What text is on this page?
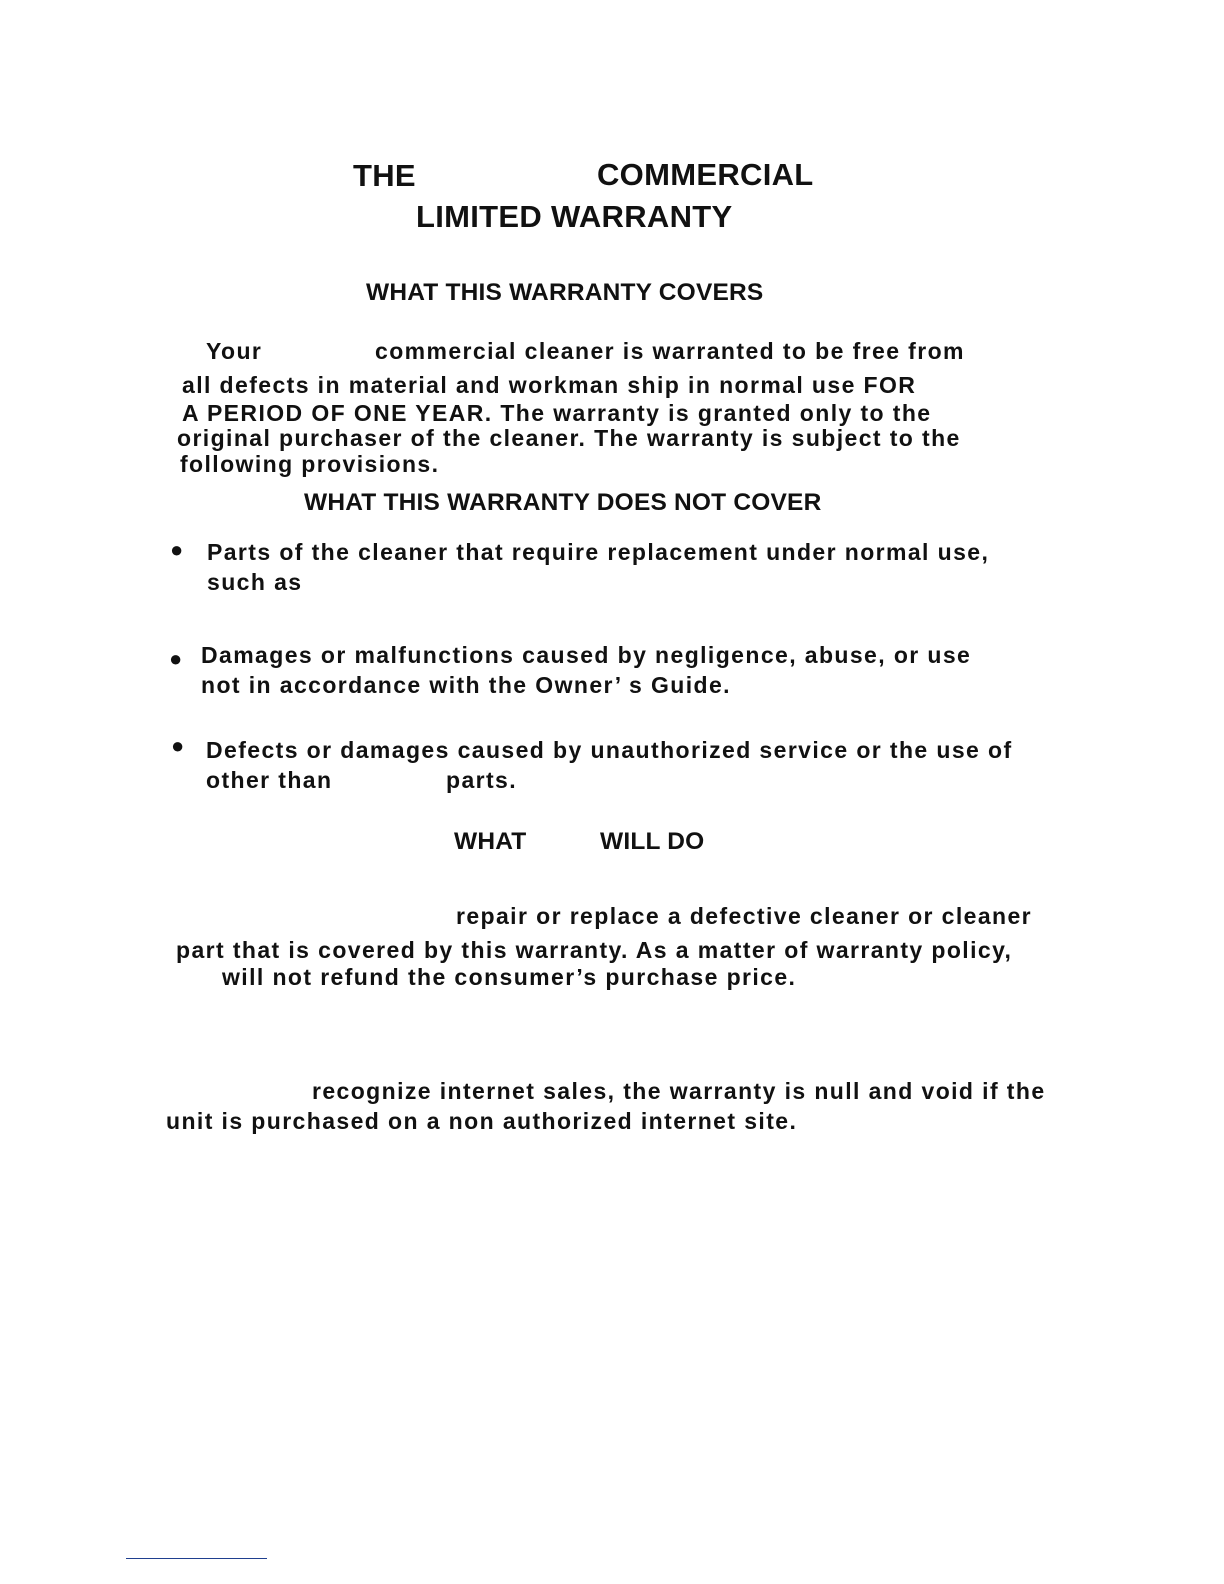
THE	COMMERCIAL
LIMITED WARRANTY
WHAT THIS WARRANTY COVERS
Your	commercial cleaner is warranted to be free from
all defects in material and workman ship in normal use FOR
A PERIOD OF ONE YEAR. The warranty is granted only to the
original purchaser of the cleaner. The warranty is subject to the
following provisions.
WHAT THIS WARRANTY DOES NOT COVER
● Parts of the cleaner that require replacement under normal use,
such as
● Damages or malfunctions caused by negligence, abuse, or use
not in accordance with the Owner’ s Guide.
● Defects or damages caused by unauthorized service or the use of
other than	parts.
WHAT	WILL DO
repair or replace a defective cleaner or cleaner
part that is covered by this warranty. As a matter of warranty policy,
will not refund the consumer’s purchase price.
recognize internet sales, the warranty is null and void if the
unit is purchased on a non authorized internet site.
